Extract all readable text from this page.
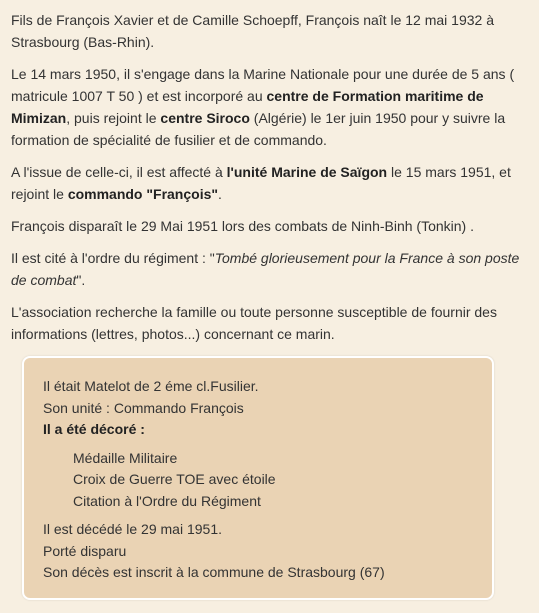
Fils de François Xavier et de Camille Schoepff, François naît le 12 mai 1932 à Strasbourg (Bas-Rhin).

Le 14 mars 1950, il s'engage dans la Marine Nationale pour une durée de 5 ans ( matricule 1007 T 50 ) et est incorporé au centre de Formation maritime de Mimizan, puis rejoint le centre Siroco (Algérie) le 1er juin 1950 pour y suivre la formation de spécialité de fusilier et de commando.

A l'issue de celle-ci, il est affecté à l'unité Marine de Saïgon le 15 mars 1951, et rejoint le commando "François".

François disparaît le 29 Mai 1951 lors des combats de Ninh-Binh (Tonkin) .

Il est cité à l'ordre du régiment : "Tombé glorieusement pour la France à son poste de combat".

L'association recherche la famille ou toute personne susceptible de fournir des informations (lettres, photos...) concernant ce marin.

Il était Matelot de 2 éme cl.Fusilier.

Son unité : Commando François

Il a été décoré :

Médaille Militaire

Croix de Guerre TOE avec étoile

Citation à l'Ordre du Régiment

Il est décédé le 29 mai 1951.

Porté disparu

Son décès est inscrit à la commune de Strasbourg (67)
